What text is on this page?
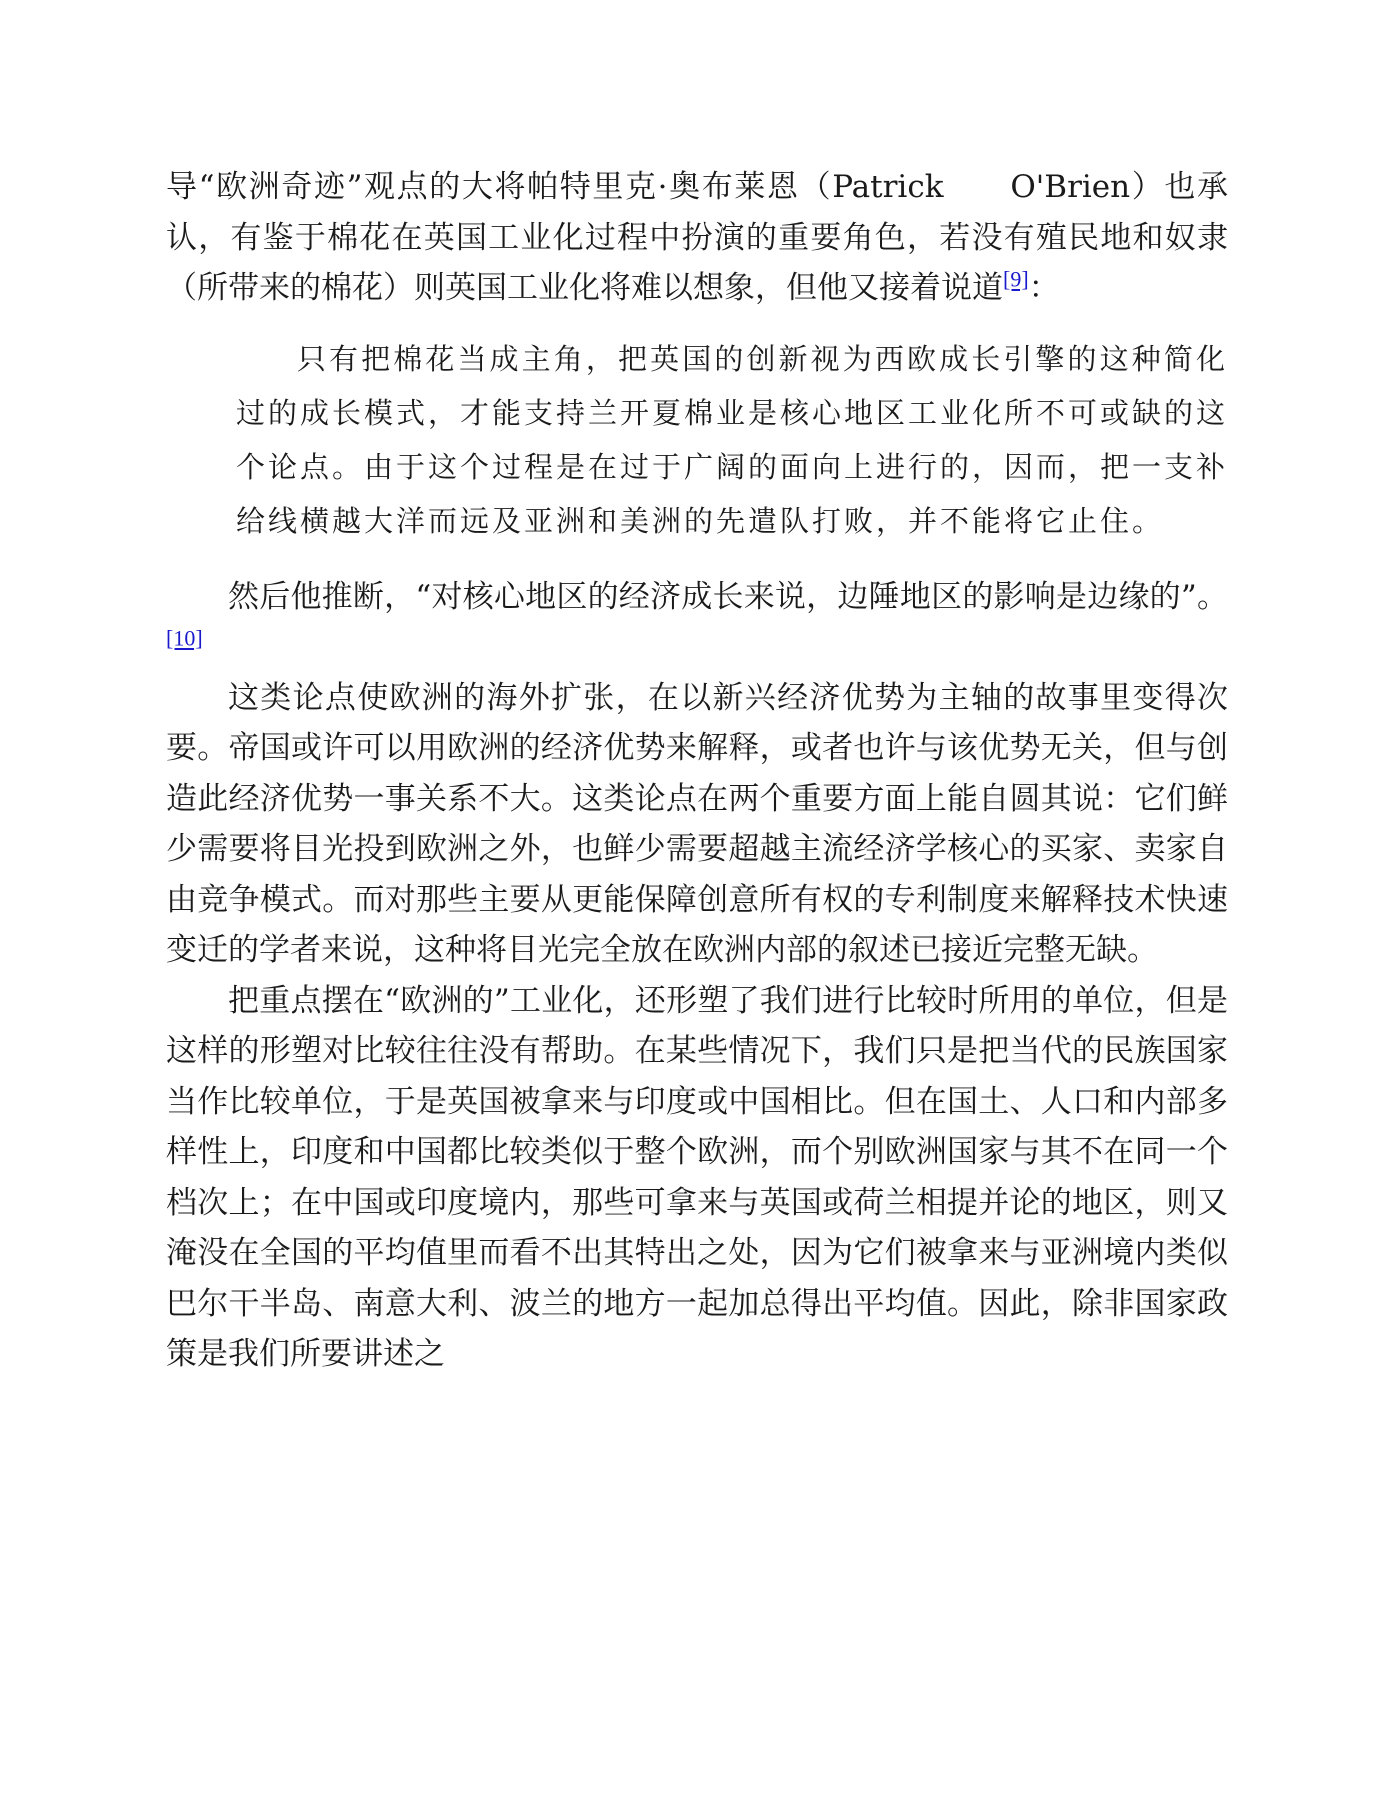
导“欧洲奇迹”观点的大将帕特里克·奥布莱恩（Patrick　　O'Brien）也承认，有鉴于棉花在英国工业化过程中扮演的重要角色，若没有殖民地和奴隶（所带来的棉花）则英国工业化将难以想象，但他又接着说道[9]：

只有把棉花当成主角，把英国的创新视为西欧成长引擎的这种简化过的成长模式，才能支持兰开夏棉业是核心地区工业化所不可或缺的这个论点。由于这个过程是在过于广阔的面向上进行的，因而，把一支补给线横越大洋而远及亚洲和美洲的先遣队打败，并不能将它止住。

然后他推断，“对核心地区的经济成长来说，边陲地区的影响是边缘的”。[10]

这类论点使欧洲的海外扩张，在以新兴经济优势为主轴的故事里变得次要。帝国或许可以用欧洲的经济优势来解释，或者也许与该优势无关，但与创造此经济优势一事关系不大。这类论点在两个重要方面上能自圆其说：它们鲜少需要将目光投到欧洲之外，也鲜少需要超越主流经济学核心的买家、卖家自由竞争模式。而对那些主要从更能保障创意所有权的专利制度来解释技术快速变迁的学者来说，这种将目光完全放在欧洲内部的叙述已接近完整无缺。

把重点摆在“欧洲的”工业化，还形塑了我们进行比较时所用的单位，但是这样的形塑对比较往往没有帮助。在某些情况下，我们只是把当代的民族国家当作比较单位，于是英国被拿来与印度或中国相比。但在国土、人口和内部多样性上，印度和中国都比较类似于整个欧洲，而个别欧洲国家与其不在同一个档次上；在中国或印度境内，那些可拿来与英国或荷兰相提并论的地区，则又淹没在全国的平均值里而看不出其特出之处，因为它们被拿来与亚洲境内类似巴尔干半岛、南意大利、波兰的地方一起加总得出平均值。因此，除非国家政策是我们所要讲述之
